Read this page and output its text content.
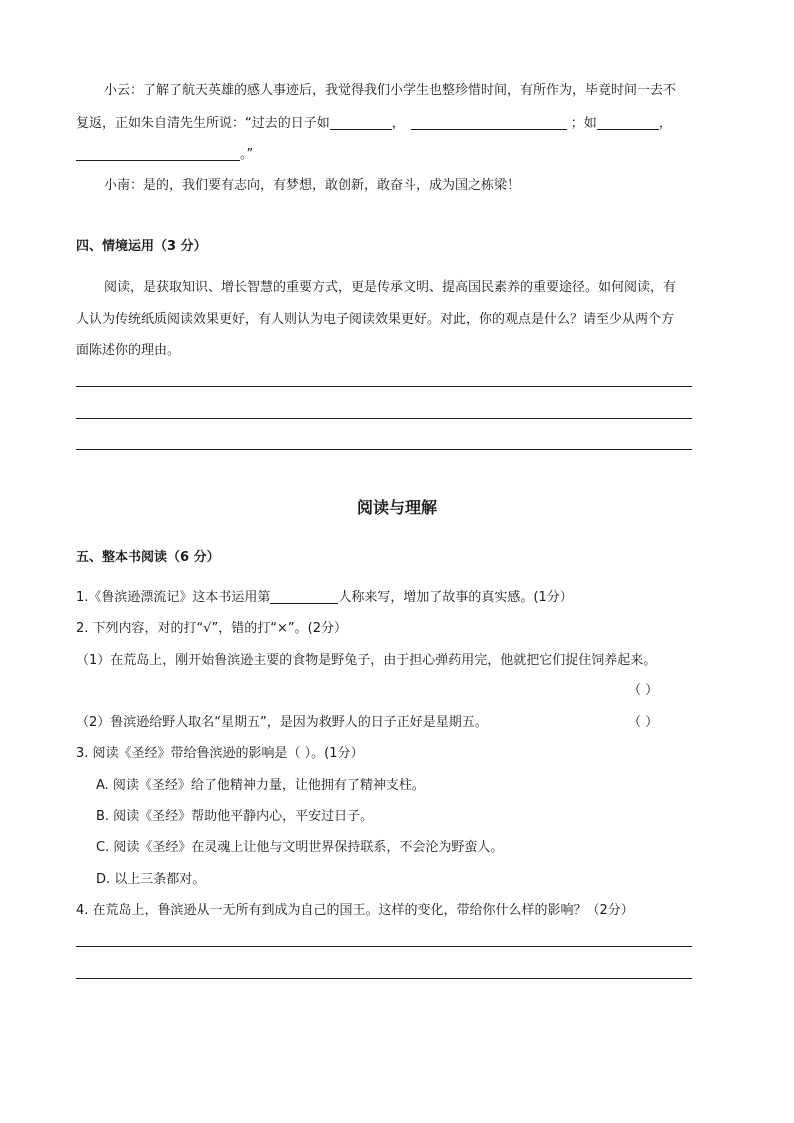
小云：了解了航天英雄的感人事迹后，我觉得我们小学生也整珍惜时间，有所作为，毕竟时间一去不
复返，正如朱自清先生所说：“过去的日子如	，	；如	，
。”
小南：是的，我们要有志向，有梦想，敢创新，敢奋斗，成为国之栋梁！
四、情境运用（3 分）
阅读，是获取知识、增长智慧的重要方式，更是传承文明、提高国民素养的重要途径。如何阅读，有
人认为传统纸质阅读效果更好，有人则认为电子阅读效果更好。对此，你的观点是什么？请至少从两个方
面陈述你的理由。
阅读与理解
五、整本书阅读（6 分）
1.《鲁滨逊漂流记》这本书运用第	人称来写，增加了故事的真实感。(1分）
2. 下列内容，对的打“√”，错的打“×”。(2分）
（1）在荒岛上，刚开始鲁滨逊主要的食物是野兔子，由于担心弹药用完，他就把它们捉住饲养起来。
（ ）
（2）鲁滨逊给野人取名“星期五”，是因为救野人的日子正好是星期五。	（ ）
3. 阅读《圣经》带给鲁滨逊的影响是（ ）。(1分）
A. 阅读《圣经》给了他精神力量，让他拥有了精神支柱。
B. 阅读《圣经》帮助他平静内心，平安过日子。
C. 阅读《圣经》在灵魂上让他与文明世界保持联系，不会沦为野蛮人。
D. 以上三条都对。
4. 在荒岛上，鲁滨逊从一无所有到成为自己的国王。这样的变化，带给你什么样的影响？（2分）
